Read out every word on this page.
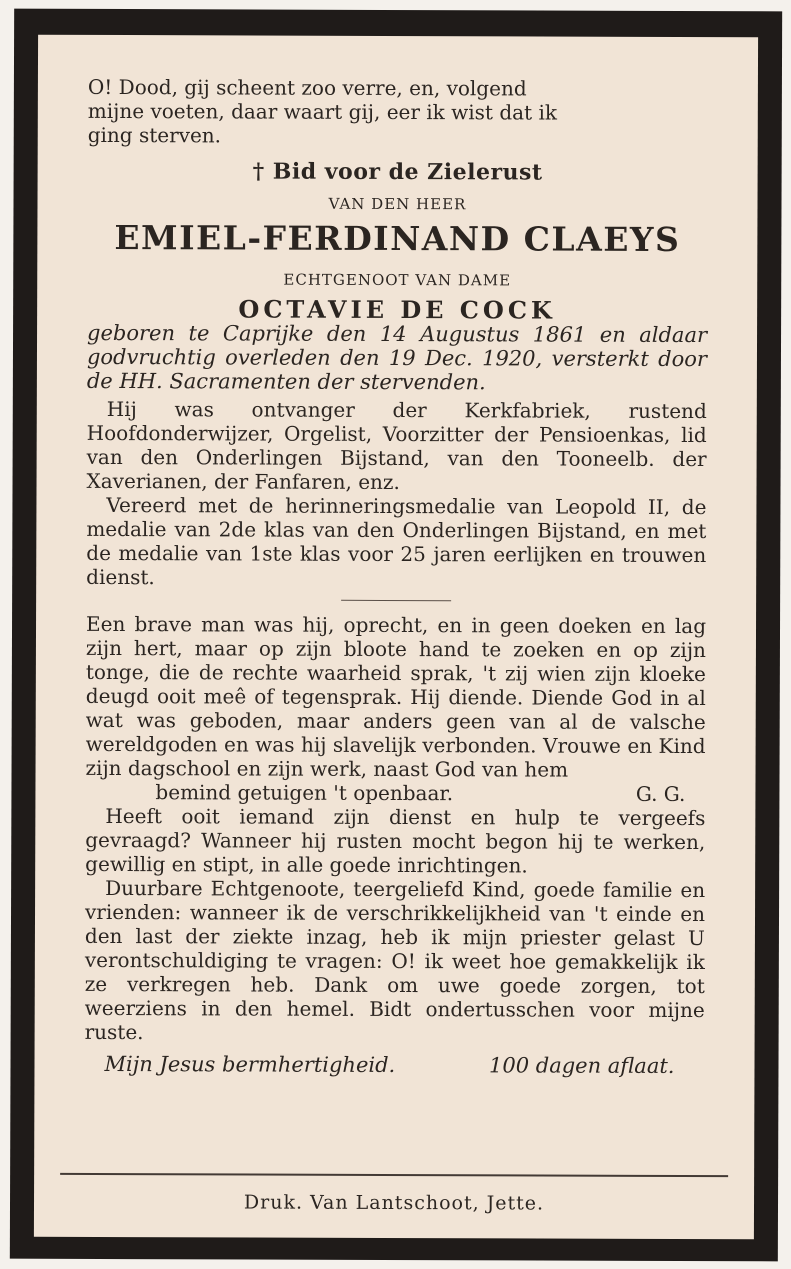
O! Dood, gij scheent zoo verre, en, volgend

mijne voeten, daar waart gij, eer ik wist dat ik

ging sterven.

† Bid voor de Zielerust

VAN DEN HEER

EMIEL-FERDINAND CLAEYS

ECHTGENOOT VAN DAME

OCTAVIE DE COCK

geboren te Caprijke den 14 Augustus 1861 en aldaar godvruchtig overleden den 19 Dec. 1920, versterkt door de HH. Sacramenten der stervenden.

Hij was ontvanger der Kerkfabriek, rustend Hoofdonderwijzer, Orgelist, Voorzitter der Pensioenkas, lid van den Onderlingen Bijstand, van den Tooneelb. der Xaverianen, der Fanfaren, enz.

Vereerd met de herinneringsmedalie van Leopold II, de medalie van 2de klas van den Onderlingen Bijstand, en met de medalie van 1ste klas voor 25 jaren eerlijken en trouwen dienst.

Een brave man was hij, oprecht, en in geen doeken en lag zijn hert, maar op zijn bloote hand te zoeken en op zijn tonge, die de rechte waarheid sprak, 't zij wien zijn kloeke deugd ooit meê of tegensprak. Hij diende. Diende God in al wat was geboden, maar anders geen van al de valsche wereldgoden en was hij slavelijk verbonden. Vrouwe en Kind zijn dagschool en zijn werk, naast God van hem

bemind getuigen 't openbaar.	G. G.

Heeft ooit iemand zijn dienst en hulp te vergeefs gevraagd? Wanneer hij rusten mocht begon hij te werken, gewillig en stipt, in alle goede inrichtingen.

Duurbare Echtgenoote, teergeliefd Kind, goede familie en vrienden: wanneer ik de verschrikkelijkheid van 't einde en den last der ziekte inzag, heb ik mijn priester gelast U verontschuldiging te vragen: O! ik weet hoe gemakkelijk ik ze verkregen heb. Dank om uwe goede zorgen, tot weerziens in den hemel. Bidt ondertusschen voor mijne ruste.

Mijn Jesus bermhertigheid.	100 dagen aflaat.

Druk. Van Lantschoot, Jette.
